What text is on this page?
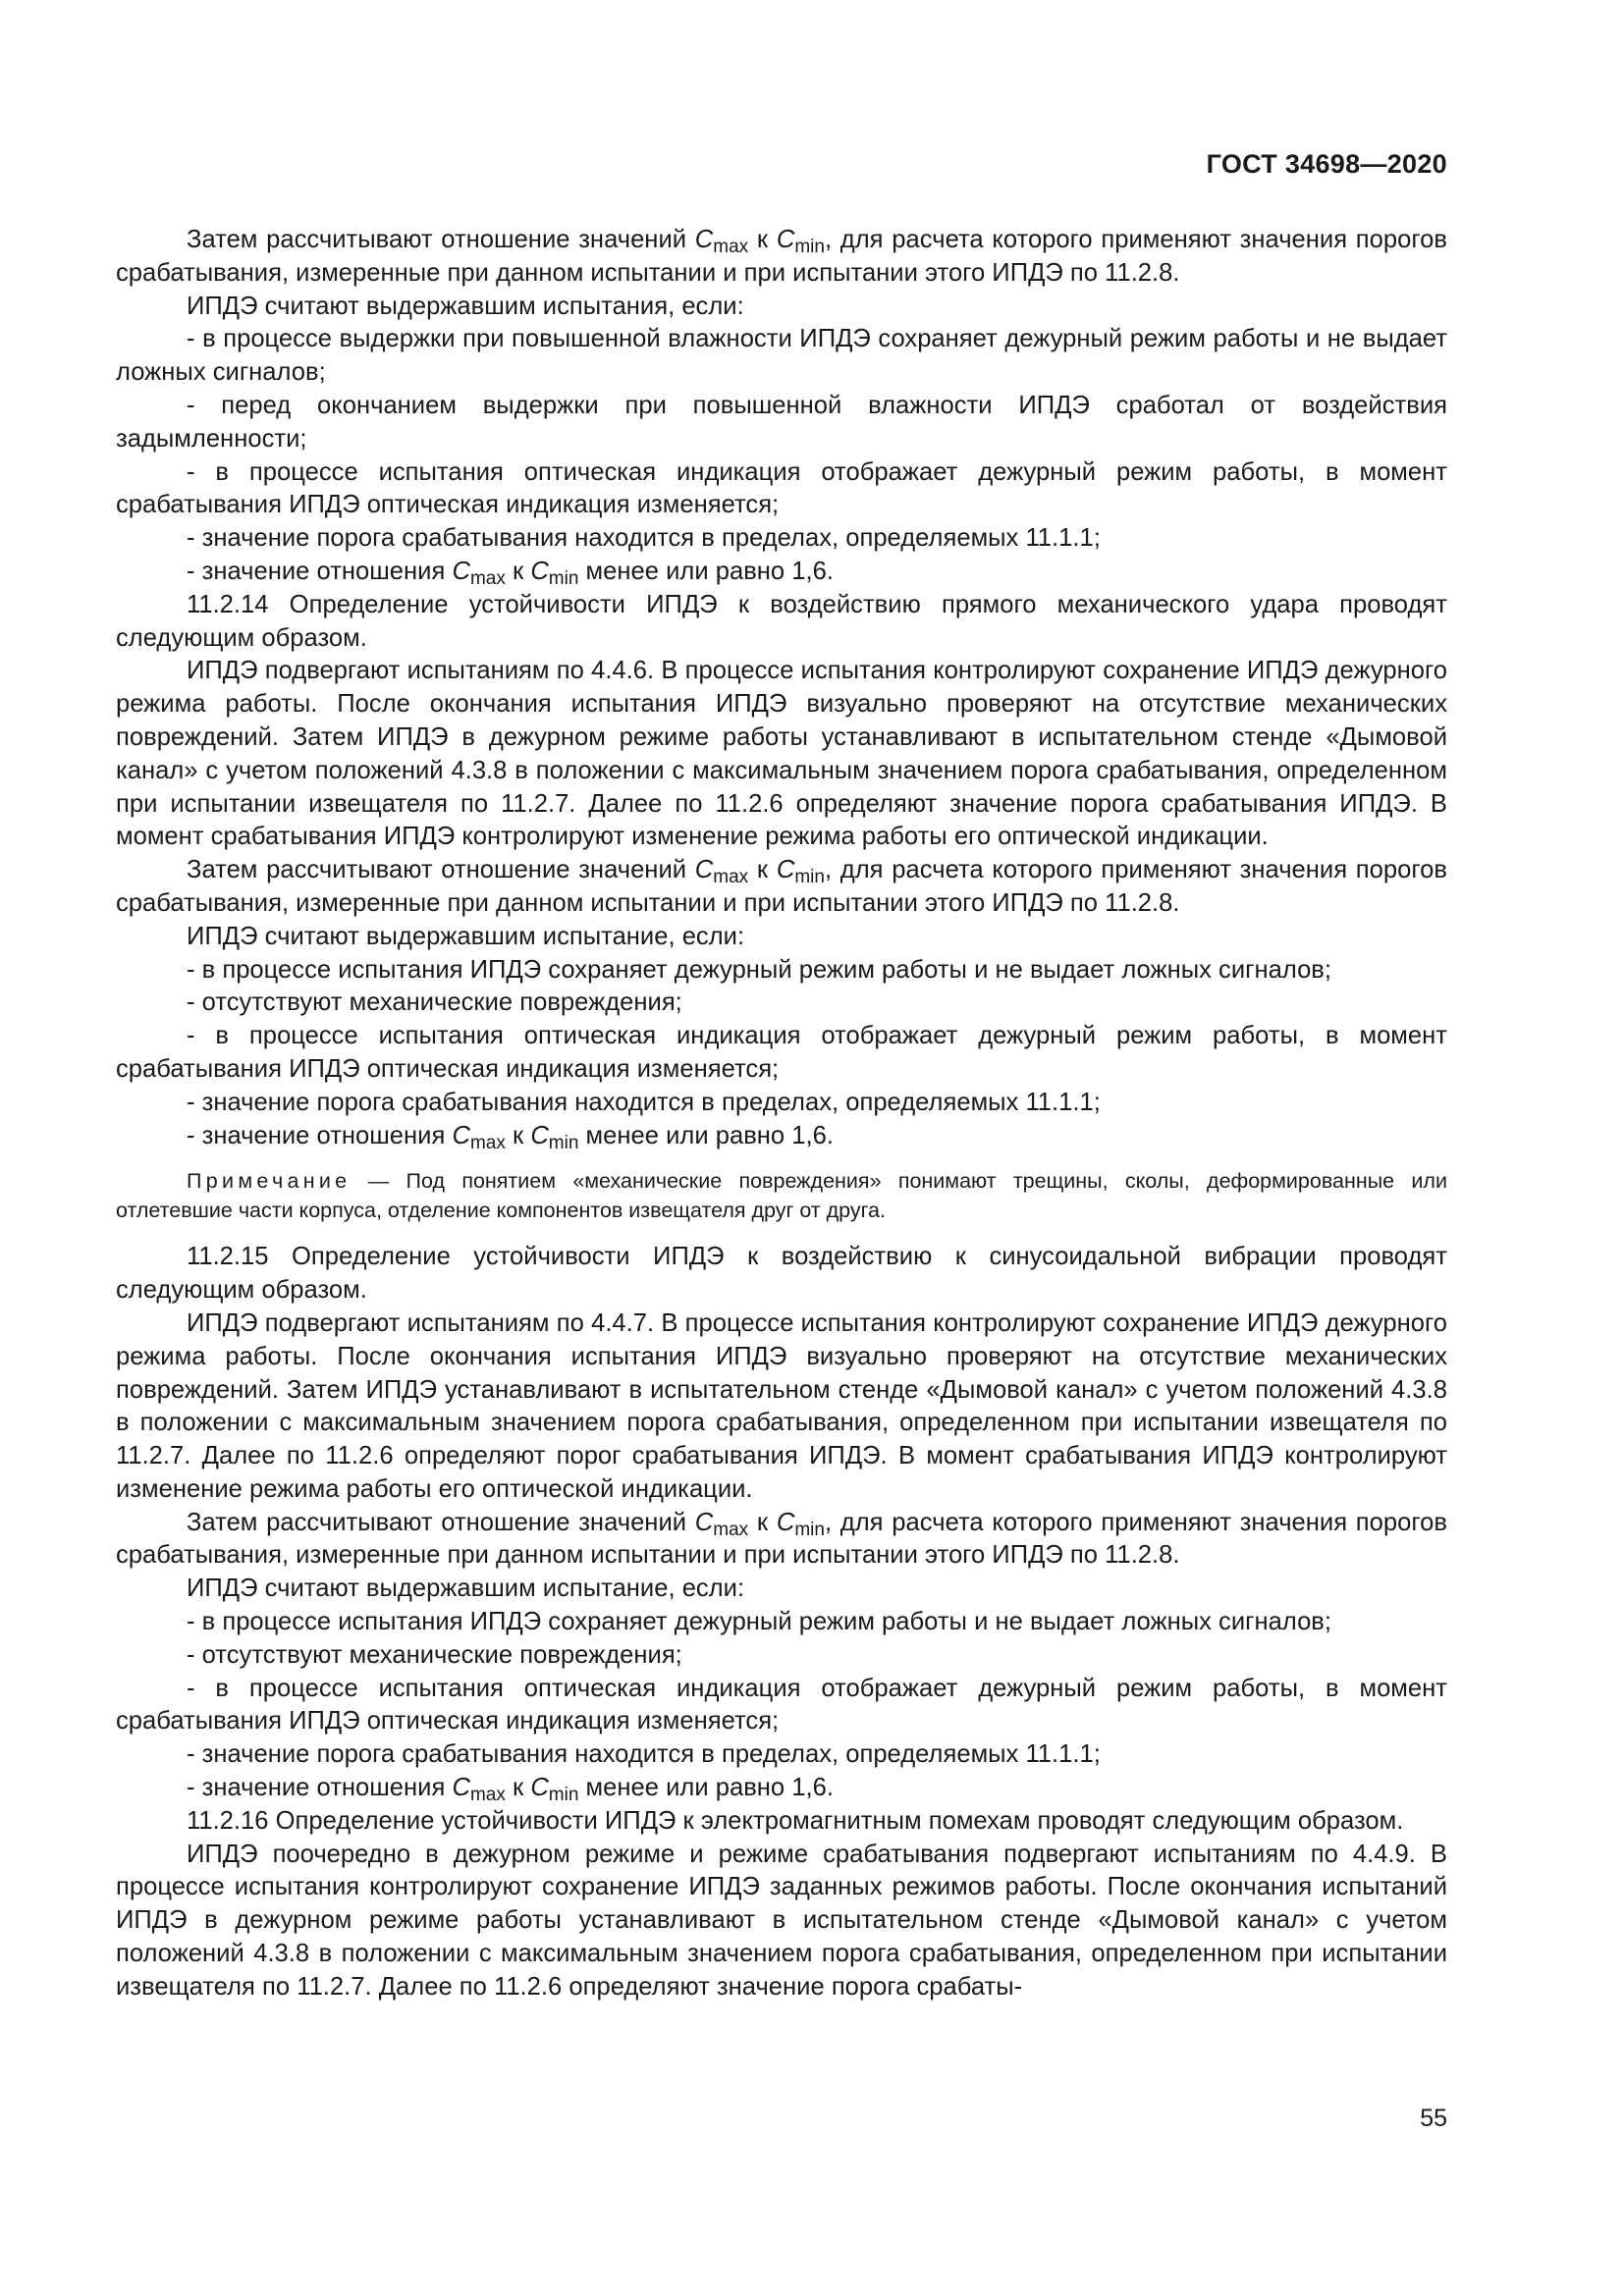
ГОСТ 34698—2020

Затем рассчитывают отношение значений $C_{max}$ к $C_{min}$, для расчета которого применяют значения порогов срабатывания, измеренные при данном испытании и при испытании этого ИПДЭ по 11.2.8.

ИПДЭ считают выдержавшим испытания, если:

- в процессе выдержки при повышенной влажности ИПДЭ сохраняет дежурный режим работы и не выдает ложных сигналов;

- перед окончанием выдержки при повышенной влажности ИПДЭ сработал от воздействия задымленности;

- в процессе испытания оптическая индикация отображает дежурный режим работы, в момент срабатывания ИПДЭ оптическая индикация изменяется;

- значение порога срабатывания находится в пределах, определяемых 11.1.1;

- значение отношения $C_{max}$ к $C_{min}$ менее или равно 1,6.

11.2.14 Определение устойчивости ИПДЭ к воздействию прямого механического удара проводят следующим образом.

ИПДЭ подвергают испытаниям по 4.4.6. В процессе испытания контролируют сохранение ИПДЭ дежурного режима работы. После окончания испытания ИПДЭ визуально проверяют на отсутствие механических повреждений. Затем ИПДЭ в дежурном режиме работы устанавливают в испытательном стенде «Дымовой канал» с учетом положений 4.3.8 в положении с максимальным значением порога срабатывания, определенном при испытании извещателя по 11.2.7. Далее по 11.2.6 определяют значение порога срабатывания ИПДЭ. В момент срабатывания ИПДЭ контролируют изменение режима работы его оптической индикации.

Затем рассчитывают отношение значений $C_{max}$ к $C_{min}$, для расчета которого применяют значения порогов срабатывания, измеренные при данном испытании и при испытании этого ИПДЭ по 11.2.8.

ИПДЭ считают выдержавшим испытание, если:

- в процессе испытания ИПДЭ сохраняет дежурный режим работы и не выдает ложных сигналов;

- отсутствуют механические повреждения;

- в процессе испытания оптическая индикация отображает дежурный режим работы, в момент срабатывания ИПДЭ оптическая индикация изменяется;

- значение порога срабатывания находится в пределах, определяемых 11.1.1;

- значение отношения $C_{max}$ к $C_{min}$ менее или равно 1,6.

Примечание — Под понятием «механические повреждения» понимают трещины, сколы, деформированные или отлетевшие части корпуса, отделение компонентов извещателя друг от друга.

11.2.15 Определение устойчивости ИПДЭ к воздействию к синусоидальной вибрации проводят следующим образом.

ИПДЭ подвергают испытаниям по 4.4.7. В процессе испытания контролируют сохранение ИПДЭ дежурного режима работы. После окончания испытания ИПДЭ визуально проверяют на отсутствие механических повреждений. Затем ИПДЭ устанавливают в испытательном стенде «Дымовой канал» с учетом положений 4.3.8 в положении с максимальным значением порога срабатывания, определенном при испытании извещателя по 11.2.7. Далее по 11.2.6 определяют порог срабатывания ИПДЭ. В момент срабатывания ИПДЭ контролируют изменение режима работы его оптической индикации.

Затем рассчитывают отношение значений $C_{max}$ к $C_{min}$, для расчета которого применяют значения порогов срабатывания, измеренные при данном испытании и при испытании этого ИПДЭ по 11.2.8.

ИПДЭ считают выдержавшим испытание, если:

- в процессе испытания ИПДЭ сохраняет дежурный режим работы и не выдает ложных сигналов;

- отсутствуют механические повреждения;

- в процессе испытания оптическая индикация отображает дежурный режим работы, в момент срабатывания ИПДЭ оптическая индикация изменяется;

- значение порога срабатывания находится в пределах, определяемых 11.1.1;

- значение отношения $C_{max}$ к $C_{min}$ менее или равно 1,6.

11.2.16 Определение устойчивости ИПДЭ к электромагнитным помехам проводят следующим образом.

ИПДЭ поочередно в дежурном режиме и режиме срабатывания подвергают испытаниям по 4.4.9. В процессе испытания контролируют сохранение ИПДЭ заданных режимов работы. После окончания испытаний ИПДЭ в дежурном режиме работы устанавливают в испытательном стенде «Дымовой канал» с учетом положений 4.3.8 в положении с максимальным значением порога срабатывания, определенном при испытании извещателя по 11.2.7. Далее по 11.2.6 определяют значение порога срабаты-

55
